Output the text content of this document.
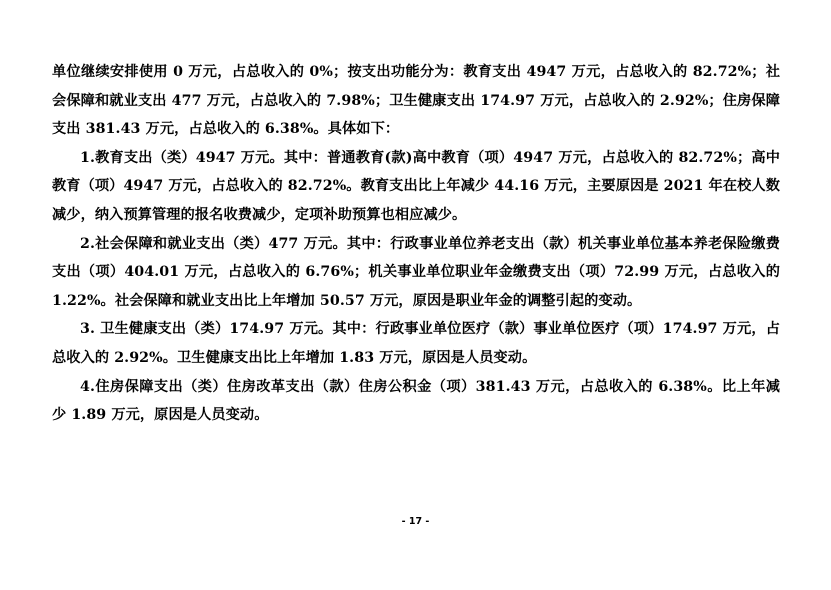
单位继续安排使用 0 万元，占总收入的 0%；按支出功能分为：教育支出 4947 万元，占总收入的 82.72%；社会保障和就业支出 477 万元，占总收入的 7.98%；卫生健康支出 174.97 万元，占总收入的 2.92%；住房保障支出 381.43 万元，占总收入的 6.38%。具体如下：

1.教育支出（类）4947 万元。其中：普通教育(款)高中教育（项）4947 万元，占总收入的 82.72%；高中教育（项）4947 万元，占总收入的 82.72%。教育支出比上年减少 44.16 万元，主要原因是 2021 年在校人数减少，纳入预算管理的报名收费减少，定项补助预算也相应减少。

2.社会保障和就业支出（类）477 万元。其中：行政事业单位养老支出（款）机关事业单位基本养老保险缴费支出（项）404.01 万元，占总收入的 6.76%；机关事业单位职业年金缴费支出（项）72.99 万元，占总收入的 1.22%。社会保障和就业支出比上年增加 50.57 万元，原因是职业年金的调整引起的变动。

3. 卫生健康支出（类）174.97 万元。其中：行政事业单位医疗（款）事业单位医疗（项）174.97 万元，占总收入的 2.92%。卫生健康支出比上年增加 1.83 万元，原因是人员变动。

4.住房保障支出（类）住房改革支出（款）住房公积金（项）381.43 万元，占总收入的 6.38%。比上年减少 1.89 万元，原因是人员变动。

- 17 -
